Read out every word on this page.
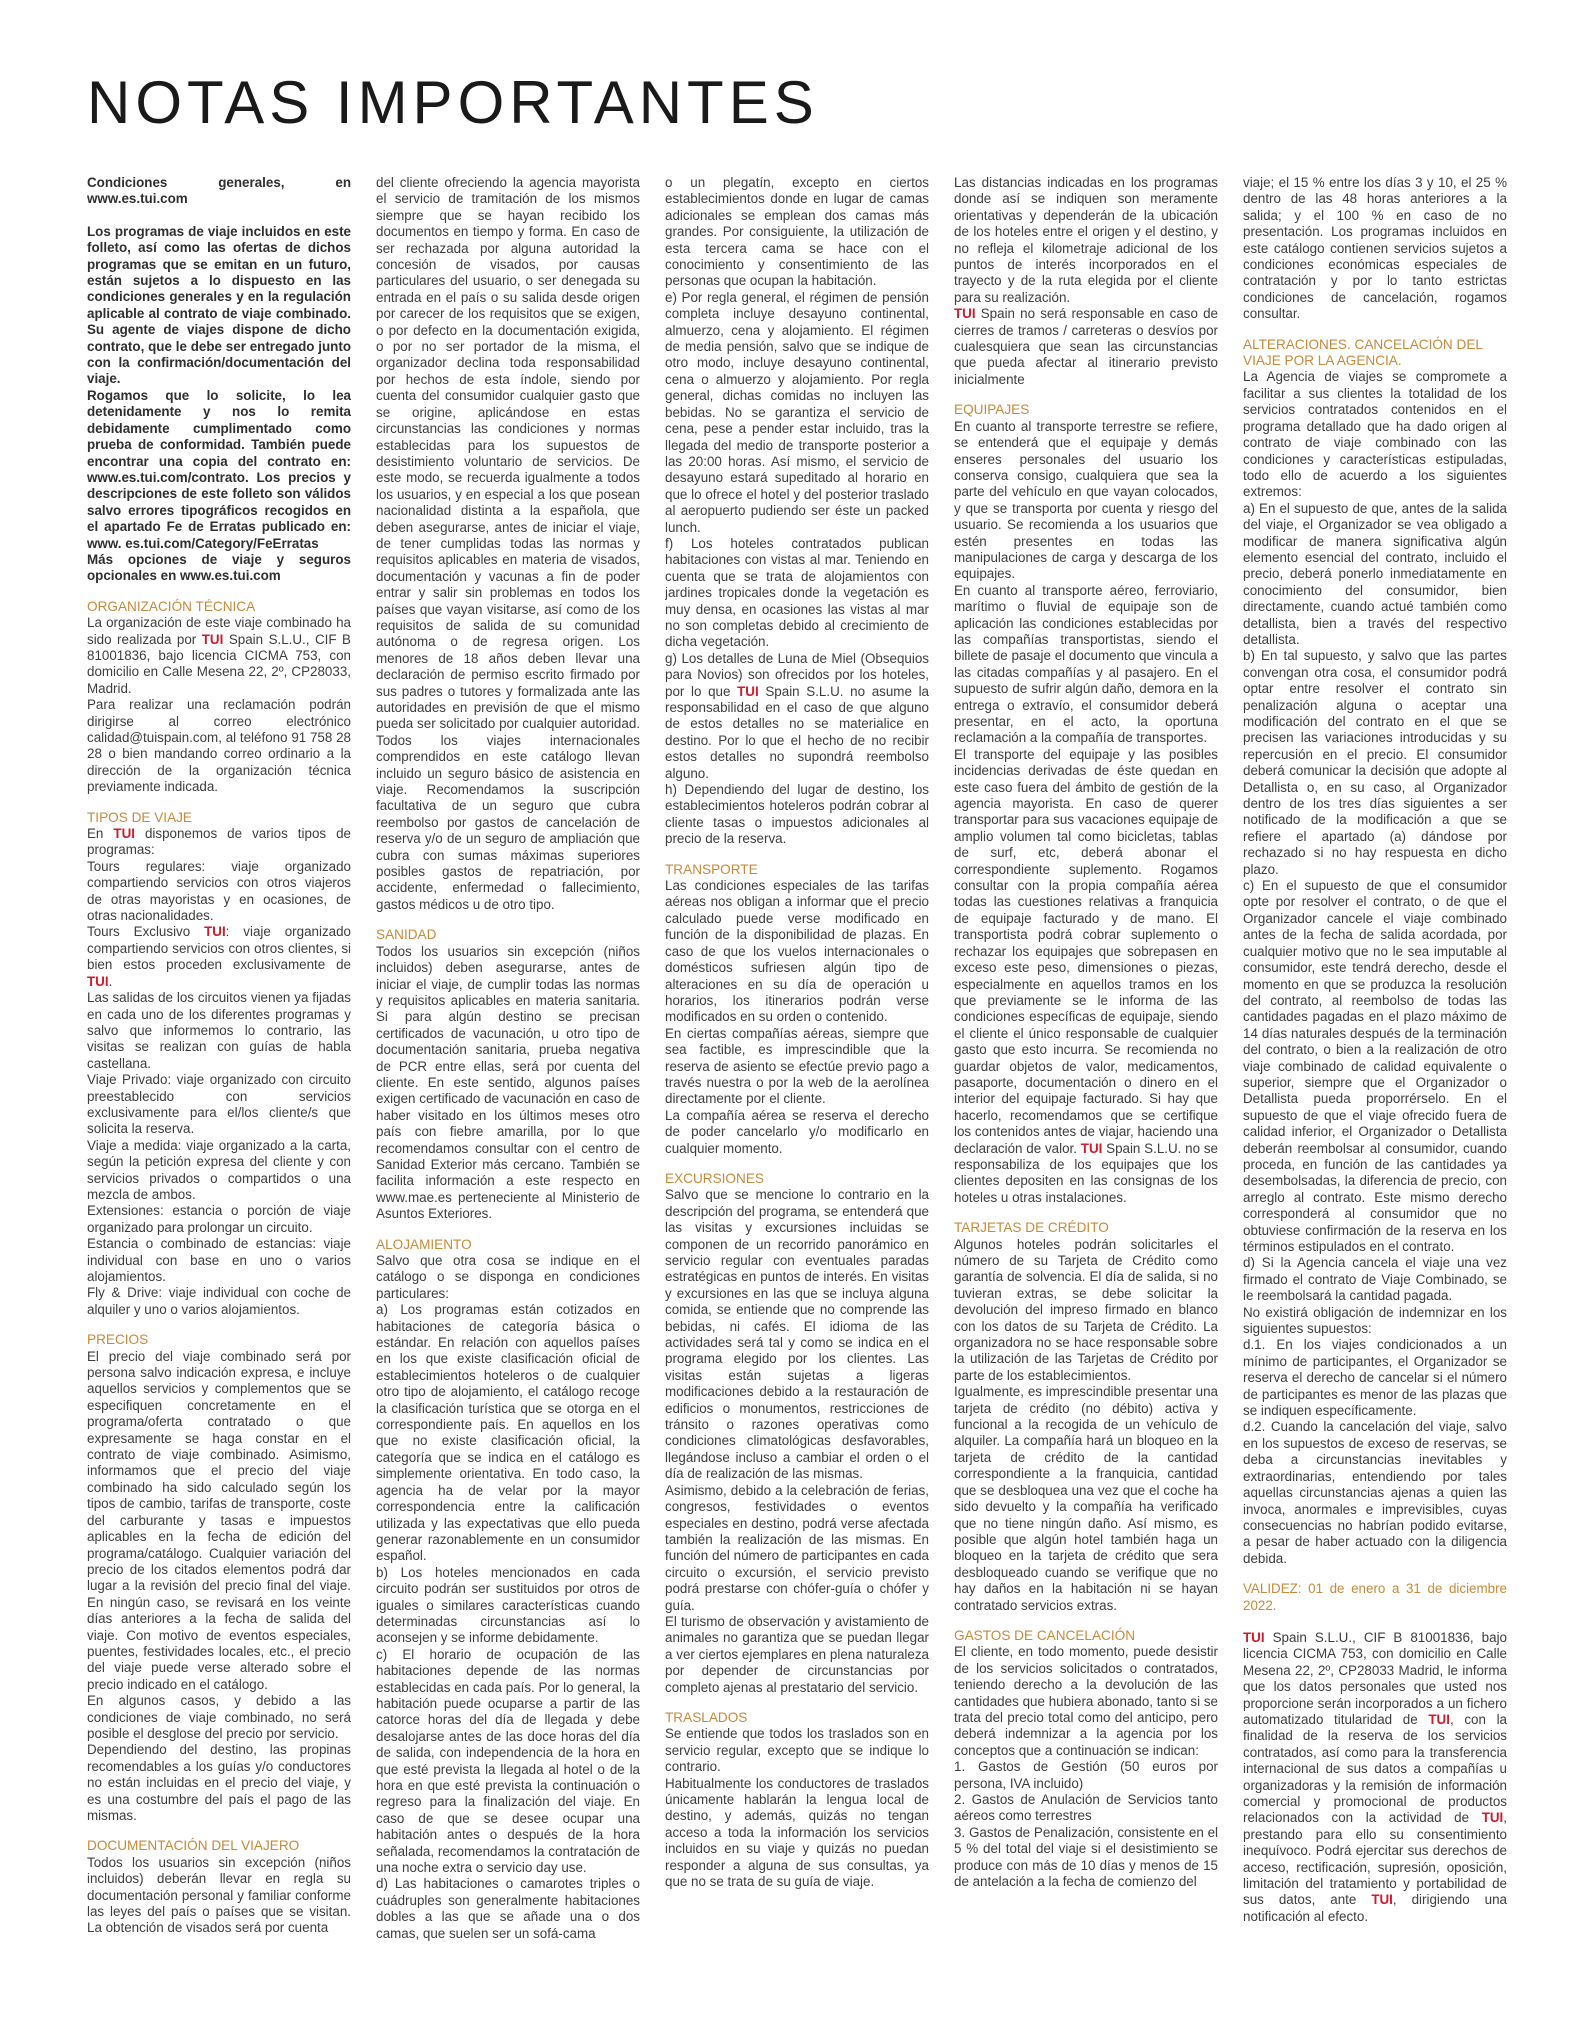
NOTAS IMPORTANTES

Condiciones generales, en www.es.tui.com

Los programas de viaje incluidos en este folleto, así como las ofertas de dichos programas que se emitan en un futuro, están sujetos a lo dispuesto en las condiciones generales y en la regulación aplicable al contrato de viaje combinado. Su agente de viajes dispone de dicho contrato, que le debe ser entregado junto con la confirmación/documentación del viaje.

Rogamos que lo solicite, lo lea detenidamente y nos lo remita debidamente cumplimentado como prueba de conformidad. También puede encontrar una copia del contrato en: www.es.tui.com/contrato. Los precios y descripciones de este folleto son válidos salvo errores tipográficos recogidos en el apartado Fe de Erratas publicado en: www. es.tui.com/Category/FeErratas

Más opciones de viaje y seguros opcionales en www.es.tui.com

ORGANIZACIÓN TÉCNICA

La organización de este viaje combinado ha sido realizada por TUI Spain S.L.U., CIF B 81001836, bajo licencia CICMA 753, con domicilio en Calle Mesena 22, 2º, CP28033, Madrid.

Para realizar una reclamación podrán dirigirse al correo electrónico calidad@tuispain.com, al teléfono 91 758 28 28 o bien mandando correo ordinario a la dirección de la organización técnica previamente indicada.

TIPOS DE VIAJE

En TUI disponemos de varios tipos de programas:

Tours regulares: viaje organizado compartiendo servicios con otros viajeros de otras mayoristas y en ocasiones, de otras nacionalidades.

Tours Exclusivo TUI: viaje organizado compartiendo servicios con otros clientes, si bien estos proceden exclusivamente de TUI.

Las salidas de los circuitos vienen ya fijadas en cada uno de los diferentes programas y salvo que informemos lo contrario, las visitas se realizan con guías de habla castellana.

Viaje Privado: viaje organizado con circuito preestablecido con servicios exclusivamente para el/los cliente/s que solicita la reserva.

Viaje a medida: viaje organizado a la carta, según la petición expresa del cliente y con servicios privados o compartidos o una mezcla de ambos.

Extensiones: estancia o porción de viaje organizado para prolongar un circuito.

Estancia o combinado de estancias: viaje individual con base en uno o varios alojamientos.

Fly & Drive: viaje individual con coche de alquiler y uno o varios alojamientos.

PRECIOS

El precio del viaje combinado será por persona salvo indicación expresa, e incluye aquellos servicios y complementos que se especifiquen concretamente en el programa/oferta contratado o que expresamente se haga constar en el contrato de viaje combinado. Asimismo, informamos que el precio del viaje combinado ha sido calculado según los tipos de cambio, tarifas de transporte, coste del carburante y tasas e impuestos aplicables en la fecha de edición del programa/catálogo. Cualquier variación del precio de los citados elementos podrá dar lugar a la revisión del precio final del viaje. En ningún caso, se revisará en los veinte días anteriores a la fecha de salida del viaje. Con motivo de eventos especiales, puentes, festividades locales, etc., el precio del viaje puede verse alterado sobre el precio indicado en el catálogo.

En algunos casos, y debido a las condiciones de viaje combinado, no será posible el desglose del precio por servicio.

Dependiendo del destino, las propinas recomendables a los guías y/o conductores no están incluidas en el precio del viaje, y es una costumbre del país el pago de las mismas.

DOCUMENTACIÓN DEL VIAJERO

Todos los usuarios sin excepción (niños incluidos) deberán llevar en regla su documentación personal y familiar conforme las leyes del país o países que se visitan. La obtención de visados será por cuenta

del cliente ofreciendo la agencia mayorista el servicio de tramitación de los mismos siempre que se hayan recibido los documentos en tiempo y forma. En caso de ser rechazada por alguna autoridad la concesión de visados, por causas particulares del usuario, o ser denegada su entrada en el país o su salida desde origen por carecer de los requisitos que se exigen, o por defecto en la documentación exigida, o por no ser portador de la misma, el organizador declina toda responsabilidad por hechos de esta índole, siendo por cuenta del consumidor cualquier gasto que se origine, aplicándose en estas circunstancias las condiciones y normas establecidas para los supuestos de desistimiento voluntario de servicios. De este modo, se recuerda igualmente a todos los usuarios, y en especial a los que posean nacionalidad distinta a la española, que deben asegurarse, antes de iniciar el viaje, de tener cumplidas todas las normas y requisitos aplicables en materia de visados, documentación y vacunas a fin de poder entrar y salir sin problemas en todos los países que vayan visitarse, así como de los requisitos de salida de su comunidad autónoma o de regresa origen. Los menores de 18 años deben llevar una declaración de permiso escrito firmado por sus padres o tutores y formalizada ante las autoridades en previsión de que el mismo pueda ser solicitado por cualquier autoridad. Todos los viajes internacionales comprendidos en este catálogo llevan incluido un seguro básico de asistencia en viaje. Recomendamos la suscripción facultativa de un seguro que cubra reembolso por gastos de cancelación de reserva y/o de un seguro de ampliación que cubra con sumas máximas superiores posibles gastos de repatriación, por accidente, enfermedad o fallecimiento, gastos médicos u de otro tipo.

SANIDAD

Todos los usuarios sin excepción (niños incluidos) deben asegurarse, antes de iniciar el viaje, de cumplir todas las normas y requisitos aplicables en materia sanitaria. Si para algún destino se precisan certificados de vacunación, u otro tipo de documentación sanitaria, prueba negativa de PCR entre ellas, será por cuenta del cliente. En este sentido, algunos países exigen certificado de vacunación en caso de haber visitado en los últimos meses otro país con fiebre amarilla, por lo que recomendamos consultar con el centro de Sanidad Exterior más cercano. También se facilita información a este respecto en www.mae.es perteneciente al Ministerio de Asuntos Exteriores.

ALOJAMIENTO

Salvo que otra cosa se indique en el catálogo o se disponga en condiciones particulares:

a) Los programas están cotizados en habitaciones de categoría básica o estándar. En relación con aquellos países en los que existe clasificación oficial de establecimientos hoteleros o de cualquier otro tipo de alojamiento, el catálogo recoge la clasificación turística que se otorga en el correspondiente país. En aquellos en los que no existe clasificación oficial, la categoría que se indica en el catálogo es simplemente orientativa. En todo caso, la agencia ha de velar por la mayor correspondencia entre la calificación utilizada y las expectativas que ello pueda generar razonablemente en un consumidor español.

b) Los hoteles mencionados en cada circuito podrán ser sustituidos por otros de iguales o similares características cuando determinadas circunstancias así lo aconsejen y se informe debidamente.

c) El horario de ocupación de las habitaciones depende de las normas establecidas en cada país. Por lo general, la habitación puede ocuparse a partir de las catorce horas del día de llegada y debe desalojarse antes de las doce horas del día de salida, con independencia de la hora en que esté prevista la llegada al hotel o de la hora en que esté prevista la continuación o regreso para la finalización del viaje. En caso de que se desee ocupar una habitación antes o después de la hora señalada, recomendamos la contratación de una noche extra o servicio day use.

d) Las habitaciones o camarotes triples o cuádruples son generalmente habitaciones dobles a las que se añade una o dos camas, que suelen ser un sofá-cama

o un plegatín, excepto en ciertos establecimientos donde en lugar de camas adicionales se emplean dos camas más grandes. Por consiguiente, la utilización de esta tercera cama se hace con el conocimiento y consentimiento de las personas que ocupan la habitación.

e) Por regla general, el régimen de pensión completa incluye desayuno continental, almuerzo, cena y alojamiento. El régimen de media pensión, salvo que se indique de otro modo, incluye desayuno continental, cena o almuerzo y alojamiento. Por regla general, dichas comidas no incluyen las bebidas. No se garantiza el servicio de cena, pese a pender estar incluido, tras la llegada del medio de transporte posterior a las 20:00 horas. Así mismo, el servicio de desayuno estará supeditado al horario en que lo ofrece el hotel y del posterior traslado al aeropuerto pudiendo ser éste un packed lunch.

f) Los hoteles contratados publican habitaciones con vistas al mar. Teniendo en cuenta que se trata de alojamientos con jardines tropicales donde la vegetación es muy densa, en ocasiones las vistas al mar no son completas debido al crecimiento de dicha vegetación.

g) Los detalles de Luna de Miel (Obsequios para Novios) son ofrecidos por los hoteles, por lo que TUI Spain S.L.U. no asume la responsabilidad en el caso de que alguno de estos detalles no se materialice en destino. Por lo que el hecho de no recibir estos detalles no supondrá reembolso alguno.

h) Dependiendo del lugar de destino, los establecimientos hoteleros podrán cobrar al cliente tasas o impuestos adicionales al precio de la reserva.

TRANSPORTE

Las condiciones especiales de las tarifas aéreas nos obligan a informar que el precio calculado puede verse modificado en función de la disponibilidad de plazas. En caso de que los vuelos internacionales o domésticos sufriesen algún tipo de alteraciones en su día de operación u horarios, los itinerarios podrán verse modificados en su orden o contenido.

En ciertas compañías aéreas, siempre que sea factible, es imprescindible que la reserva de asiento se efectúe previo pago a través nuestra o por la web de la aerolínea directamente por el cliente.

La compañía aérea se reserva el derecho de poder cancelarlo y/o modificarlo en cualquier momento.

EXCURSIONES

Salvo que se mencione lo contrario en la descripción del programa, se entenderá que las visitas y excursiones incluidas se componen de un recorrido panorámico en servicio regular con eventuales paradas estratégicas en puntos de interés. En visitas y excursiones en las que se incluya alguna comida, se entiende que no comprende las bebidas, ni cafés. El idioma de las actividades será tal y como se indica en el programa elegido por los clientes. Las visitas están sujetas a ligeras modificaciones debido a la restauración de edificios o monumentos, restricciones de tránsito o razones operativas como condiciones climatológicas desfavorables, llegándose incluso a cambiar el orden o el día de realización de las mismas.

Asimismo, debido a la celebración de ferias, congresos, festividades o eventos especiales en destino, podrá verse afectada también la realización de las mismas. En función del número de participantes en cada circuito o excursión, el servicio previsto podrá prestarse con chófer-guía o chófer y guía.

El turismo de observación y avistamiento de animales no garantiza que se puedan llegar a ver ciertos ejemplares en plena naturaleza por depender de circunstancias por completo ajenas al prestatario del servicio.

TRASLADOS

Se entiende que todos los traslados son en servicio regular, excepto que se indique lo contrario.

Habitualmente los conductores de traslados únicamente hablarán la lengua local de destino, y además, quizás no tengan acceso a toda la información los servicios incluidos en su viaje y quizás no puedan responder a alguna de sus consultas, ya que no se trata de su guía de viaje.

Las distancias indicadas en los programas donde así se indiquen son meramente orientativas y dependerán de la ubicación de los hoteles entre el origen y el destino, y no refleja el kilometraje adicional de los puntos de interés incorporados en el trayecto y de la ruta elegida por el cliente para su realización.

TUI Spain no será responsable en caso de cierres de tramos / carreteras o desvíos por cualesquiera que sean las circunstancias que pueda afectar al itinerario previsto inicialmente

EQUIPAJES

En cuanto al transporte terrestre se refiere, se entenderá que el equipaje y demás enseres personales del usuario los conserva consigo, cualquiera que sea la parte del vehículo en que vayan colocados, y que se transporta por cuenta y riesgo del usuario. Se recomienda a los usuarios que estén presentes en todas las manipulaciones de carga y descarga de los equipajes.

En cuanto al transporte aéreo, ferroviario, marítimo o fluvial de equipaje son de aplicación las condiciones establecidas por las compañías transportistas, siendo el billete de pasaje el documento que vincula a las citadas compañías y al pasajero. En el supuesto de sufrir algún daño, demora en la entrega o extravío, el consumidor deberá presentar, en el acto, la oportuna reclamación a la compañía de transportes.

El transporte del equipaje y las posibles incidencias derivadas de éste quedan en este caso fuera del ámbito de gestión de la agencia mayorista. En caso de querer transportar para sus vacaciones equipaje de amplio volumen tal como bicicletas, tablas de surf, etc, deberá abonar el correspondiente suplemento. Rogamos consultar con la propia compañía aérea todas las cuestiones relativas a franquicia de equipaje facturado y de mano. El transportista podrá cobrar suplemento o rechazar los equipajes que sobrepasen en exceso este peso, dimensiones o piezas, especialmente en aquellos tramos en los que previamente se le informa de las condiciones específicas de equipaje, siendo el cliente el único responsable de cualquier gasto que esto incurra. Se recomienda no guardar objetos de valor, medicamentos, pasaporte, documentación o dinero en el interior del equipaje facturado. Si hay que hacerlo, recomendamos que se certifique los contenidos antes de viajar, haciendo una declaración de valor. TUI Spain S.L.U. no se responsabiliza de los equipajes que los clientes depositen en las consignas de los hoteles u otras instalaciones.

TARJETAS DE CRÉDITO

Algunos hoteles podrán solicitarles el número de su Tarjeta de Crédito como garantía de solvencia. El día de salida, si no tuvieran extras, se debe solicitar la devolución del impreso firmado en blanco con los datos de su Tarjeta de Crédito. La organizadora no se hace responsable sobre la utilización de las Tarjetas de Crédito por parte de los establecimientos.

Igualmente, es imprescindible presentar una tarjeta de crédito (no débito) activa y funcional a la recogida de un vehículo de alquiler. La compañía hará un bloqueo en la tarjeta de crédito de la cantidad correspondiente a la franquicia, cantidad que se desbloquea una vez que el coche ha sido devuelto y la compañía ha verificado que no tiene ningún daño. Así mismo, es posible que algún hotel también haga un bloqueo en la tarjeta de crédito que sera desbloqueado cuando se verifique que no hay daños en la habitación ni se hayan contratado servicios extras.

GASTOS DE CANCELACIÓN

El cliente, en todo momento, puede desistir de los servicios solicitados o contratados, teniendo derecho a la devolución de las cantidades que hubiera abonado, tanto si se trata del precio total como del anticipo, pero deberá indemnizar a la agencia por los conceptos que a continuación se indican:

1. Gastos de Gestión (50 euros por persona, IVA incluido)

2. Gastos de Anulación de Servicios tanto aéreos como terrestres

3. Gastos de Penalización, consistente en el 5 % del total del viaje si el desistimiento se produce con más de 10 días y menos de 15 de antelación a la fecha de comienzo del

viaje; el 15 % entre los días 3 y 10, el 25 % dentro de las 48 horas anteriores a la salida; y el 100 % en caso de no presentación. Los programas incluidos en este catálogo contienen servicios sujetos a condiciones económicas especiales de contratación y por lo tanto estrictas condiciones de cancelación, rogamos consultar.

ALTERACIONES. CANCELACIÓN DEL VIAJE POR LA AGENCIA.

La Agencia de viajes se compromete a facilitar a sus clientes la totalidad de los servicios contratados contenidos en el programa detallado que ha dado origen al contrato de viaje combinado con las condiciones y características estipuladas, todo ello de acuerdo a los siguientes extremos:

a) En el supuesto de que, antes de la salida del viaje, el Organizador se vea obligado a modificar de manera significativa algún elemento esencial del contrato, incluido el precio, deberá ponerlo inmediatamente en conocimiento del consumidor, bien directamente, cuando actué también como detallista, bien a través del respectivo detallista.

b) En tal supuesto, y salvo que las partes convengan otra cosa, el consumidor podrá optar entre resolver el contrato sin penalización alguna o aceptar una modificación del contrato en el que se precisen las variaciones introducidas y su repercusión en el precio. El consumidor deberá comunicar la decisión que adopte al Detallista o, en su caso, al Organizador dentro de los tres días siguientes a ser notificado de la modificación a que se refiere el apartado (a) dándose por rechazado si no hay respuesta en dicho plazo.

c) En el supuesto de que el consumidor opte por resolver el contrato, o de que el Organizador cancele el viaje combinado antes de la fecha de salida acordada, por cualquier motivo que no le sea imputable al consumidor, este tendrá derecho, desde el momento en que se produzca la resolución del contrato, al reembolso de todas las cantidades pagadas en el plazo máximo de 14 días naturales después de la terminación del contrato, o bien a la realización de otro viaje combinado de calidad equivalente o superior, siempre que el Organizador o Detallista pueda proporrérselo. En el supuesto de que el viaje ofrecido fuera de calidad inferior, el Organizador o Detallista deberán reembolsar al consumidor, cuando proceda, en función de las cantidades ya desembolsadas, la diferencia de precio, con arreglo al contrato. Este mismo derecho corresponderá al consumidor que no obtuviese confirmación de la reserva en los términos estipulados en el contrato.

d) Si la Agencia cancela el viaje una vez firmado el contrato de Viaje Combinado, se le reembolsará la cantidad pagada.

No existirá obligación de indemnizar en los siguientes supuestos:

d.1. En los viajes condicionados a un mínimo de participantes, el Organizador se reserva el derecho de cancelar si el número de participantes es menor de las plazas que se indiquen específicamente.

d.2. Cuando la cancelación del viaje, salvo en los supuestos de exceso de reservas, se deba a circunstancias inevitables y extraordinarias, entendiendo por tales aquellas circunstancias ajenas a quien las invoca, anormales e imprevisibles, cuyas consecuencias no habrían podido evitarse, a pesar de haber actuado con la diligencia debida.

VALIDEZ: 01 de enero a 31 de diciembre 2022.

TUI Spain S.L.U., CIF B 81001836, bajo licencia CICMA 753, con domicilio en Calle Mesena 22, 2º, CP28033 Madrid, le informa que los datos personales que usted nos proporcione serán incorporados a un fichero automatizado titularidad de TUI, con la finalidad de la reserva de los servicios contratados, así como para la transferencia internacional de sus datos a compañías u organizadoras y la remisión de información comercial y promocional de productos relacionados con la actividad de TUI, prestando para ello su consentimiento inequívoco. Podrá ejercitar sus derechos de acceso, rectificación, supresión, oposición, limitación del tratamiento y portabilidad de sus datos, ante TUI, dirigiendo una notificación al efecto.
